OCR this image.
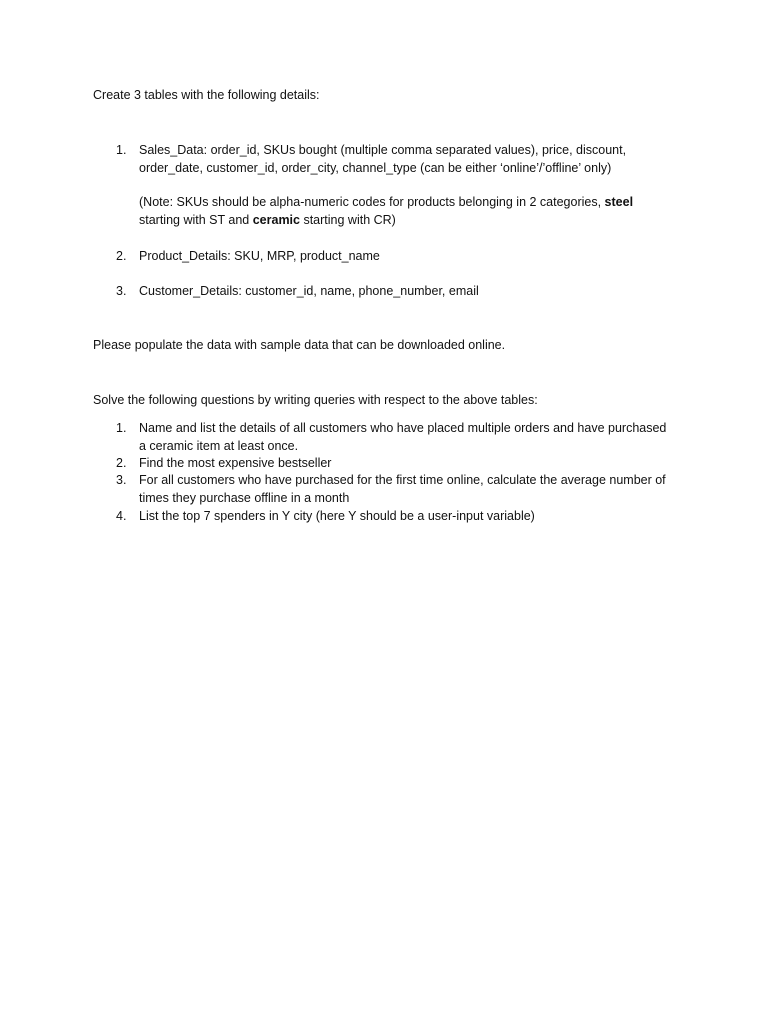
Create 3 tables with the following details:
1. Sales_Data: order_id, SKUs bought (multiple comma separated values), price, discount, order_date, customer_id, order_city, channel_type (can be either ‘online’/’offline’ only)
(Note: SKUs should be alpha-numeric codes for products belonging in 2 categories, steel starting with ST and ceramic starting with CR)
2. Product_Details: SKU, MRP, product_name
3. Customer_Details: customer_id, name, phone_number, email
Please populate the data with sample data that can be downloaded online.
Solve the following questions by writing queries with respect to the above tables:
1. Name and list the details of all customers who have placed multiple orders and have purchased a ceramic item at least once.
2. Find the most expensive bestseller
3. For all customers who have purchased for the first time online, calculate the average number of times they purchase offline in a month
4. List the top 7 spenders in Y city (here Y should be a user-input variable)
